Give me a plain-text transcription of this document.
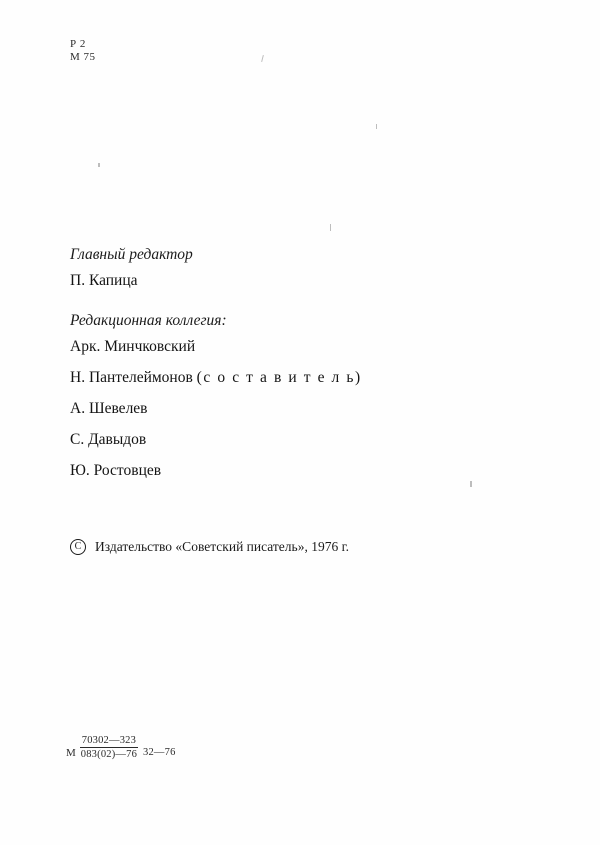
Р 2
М 75

Главный редактор

П. Капица

Редакционная коллегия:

Арк. Минчковский

Н. Пантелеймонов (с о с т а в и т е л ь)

А. Шевелев

С. Давыдов

Ю. Ростовцев

C	Издательство «Советский писатель», 1976 г.
М $\frac{70302—323}{083(02)—76}$ 32—76
